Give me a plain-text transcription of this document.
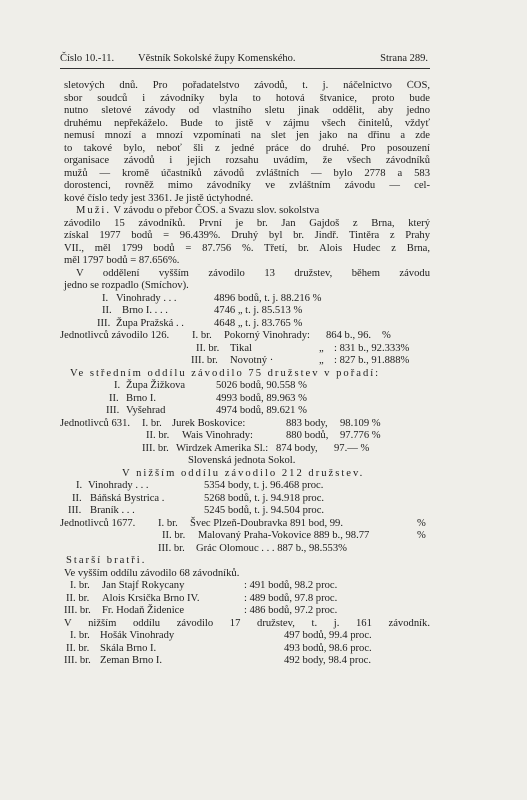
Číslo 10.-11. Věstník Sokolské župy Komenského.	Strana 289.
sletových dnů. Pro pořadatelstvo závodů, t. j. náčelnictvo ČOS,
sbor soudců i závodníky byla to hotová štvanice, proto bude
nutno sletové závody od vlastního sletu jinak oddělit, aby jedno
druhému nepřekáželo. Bude to jistě v zájmu všech činitelů, vždyť
nemusí mnozí a mnozí vzpomínati na slet jen jako na dřinu a zde
to takové bylo, neboť šli z jedné práce do druhé. Pro posouzení
organisace závodů i jejich rozsahu uvádím, že všech závodníků
mužů — kromě účastníků závodů zvláštních — bylo 2778 a 583
dorostenci, rovněž mimo závodníky ve zvláštním závodu — cel-
kové číslo tedy jest 3361. Je jistě úctyhodné.
Muži. V závodu o přebor ČOS. a Svazu slov. sokolstva
závodilo 15 závodníků. První je br. Jan Gajdoš z Brna, který
získal 1977 bodů = 96.439%. Druhý byl br. Jindř. Tintěra z Prahy
VII., měl 1799 bodů = 87.756 %. Třetí, br. Alois Hudec z Brna,
měl 1797 bodů = 87.656%.
V oddělení vyšším závodilo 13 družstev, během závodu
jedno se rozpadlo (Smíchov).
I. Vinohrady . . .	4896 bodů, t. j. 88.216 %
II. Brno I. . . .	4746 „ t. j. 85.513 %
III. Župa Pražská . .	4648 „ t. j. 83.765 %
Jednotlivců závodilo 126. I. br. Pokorný Vinohrady: 864 b., 96. %
II. br. Tikal	„ : 831 b., 92.333%
III. br. Novotný ·	„ : 827 b., 91.888%
Ve středním oddílu závodilo 75 družstev v pořadí:
I. Župa Žižkova	5026 bodů, 90.558 %
II. Brno I.	4993 bodů, 89.963 %
III. Vyšehrad	4974 bodů, 89.621 %
Jednotlivců 631. I. br. Jurek Boskovice:	883 body, 98.109 %
II. br. Wais Vinohrady:	880 bodů, 97.776 %
III. br. Wirdzek Amerika Sl.: 874 body, 97.— %
Slovenská jednota Sokol.
V nižším oddílu závodilo 212 družstev.
I. Vinohrady . . .	5354 body, t. j. 96.468 proc.
II. Báňská Bystrica .	5268 bodů, t. j. 94.918 proc.
III. Braník . . .	5245 bodů, t. j. 94.504 proc.
Jednotlivců 1677. I. br. Švec Plzeň-Doubravka 891 bod, 99.	%
II. br. Malovaný Praha-Vokovice 889 b., 98.77	%
III. br. Grác Olomouc . . . 887 b., 98.553%
Starší bratři.
Ve vyšším oddílu závodilo 68 závodníků.
I. br. Jan Stajf Rokycany	: 491 bodů, 98.2 proc.
II. br. Alois Krsička Brno IV.	: 489 bodů, 97.8 proc.
III. br. Fr. Hodaň Židenice	: 486 bodů, 97.2 proc.
V nižším oddílu závodilo 17 družstev, t. j. 161 závodník.
I. br. Hošák Vinohrady	497 bodů, 99.4 proc.
II. br. Skála Brno I.	493 bodů, 98.6 proc.
III. br. Zeman Brno I.	492 body, 98.4 proc.
